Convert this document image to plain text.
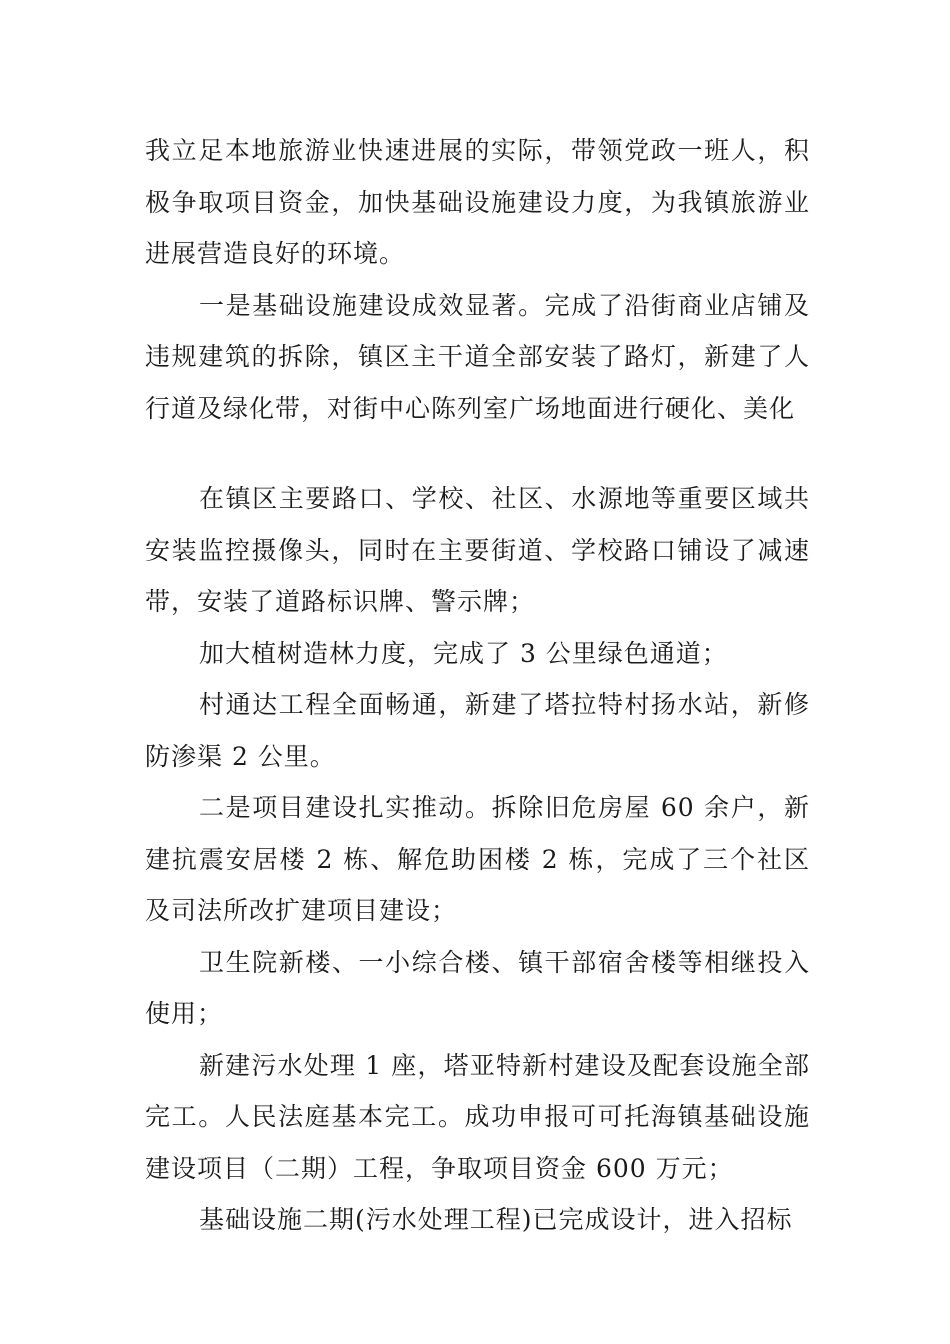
我立足本地旅游业快速进展的实际，带领党政一班人，积极争取项目资金，加快基础设施建设力度，为我镇旅游业进展营造良好的环境。

一是基础设施建设成效显著。完成了沿街商业店铺及违规建筑的拆除，镇区主干道全部安装了路灯，新建了人行道及绿化带，对街中心陈列室广场地面进行硬化、美化

在镇区主要路口、学校、社区、水源地等重要区域共安装监控摄像头，同时在主要街道、学校路口铺设了减速带，安装了道路标识牌、警示牌；

加大植树造林力度，完成了 3 公里绿色通道；

村通达工程全面畅通，新建了塔拉特村扬水站，新修防渗渠 2 公里。

二是项目建设扎实推动。拆除旧危房屋 60 余户，新建抗震安居楼 2 栋、解危助困楼 2 栋，完成了三个社区及司法所改扩建项目建设；

卫生院新楼、一小综合楼、镇干部宿舍楼等相继投入使用；

新建污水处理 1 座，塔亚特新村建设及配套设施全部完工。人民法庭基本完工。成功申报可可托海镇基础设施建设项目（二期）工程，争取项目资金 600 万元；

基础设施二期(污水处理工程)已完成设计，进入招标
